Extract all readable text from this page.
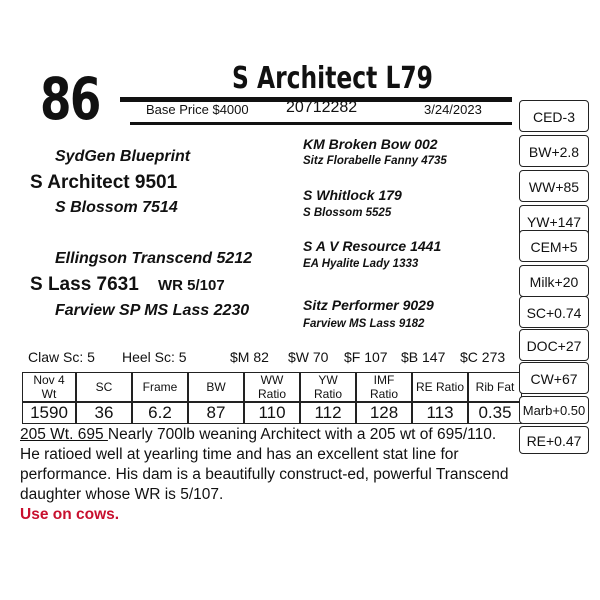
86	S Architect L79
Base Price $4000 20712282	3/24/2023
SydGen Blueprint
S Architect 9501
S Blossom 7514
Ellingson Transcend 5212
S Lass 7631 WR 5/107
Farview SP MS Lass 2230
KM Broken Bow 002
Sitz Florabelle Fanny 4735
S Whitlock 179
S Blossom 5525
S A V Resource 1441
EA Hyalite Lady 1333
Sitz Performer 9029
Farview MS Lass 9182
Claw Sc: 5 Heel Sc: 5	$M 82 $W 70 $F 107 $B 147 $C 273
Nov 4 Wt	SC	Frame	BW	WW Ratio	YW Ratio	IMF Ratio	RE Ratio	Rib Fat
1590	36	6.2	87	110	112	128	113	0.35
CED-3
BW+2.8
WW+85
YW+147
CEM+5
Milk+20
SC+0.74
DOC+27
CW+67
Marb+0.50
RE+0.47
205 Wt. 695 Nearly 700lb weaning Architect with a 205 wt of 695/110. He ratioed well at yearling time and has an excellent stat line for performance. His dam is a beautifully construct-ed, powerful Transcend daughter whose WR is 5/107.
Use on cows.
